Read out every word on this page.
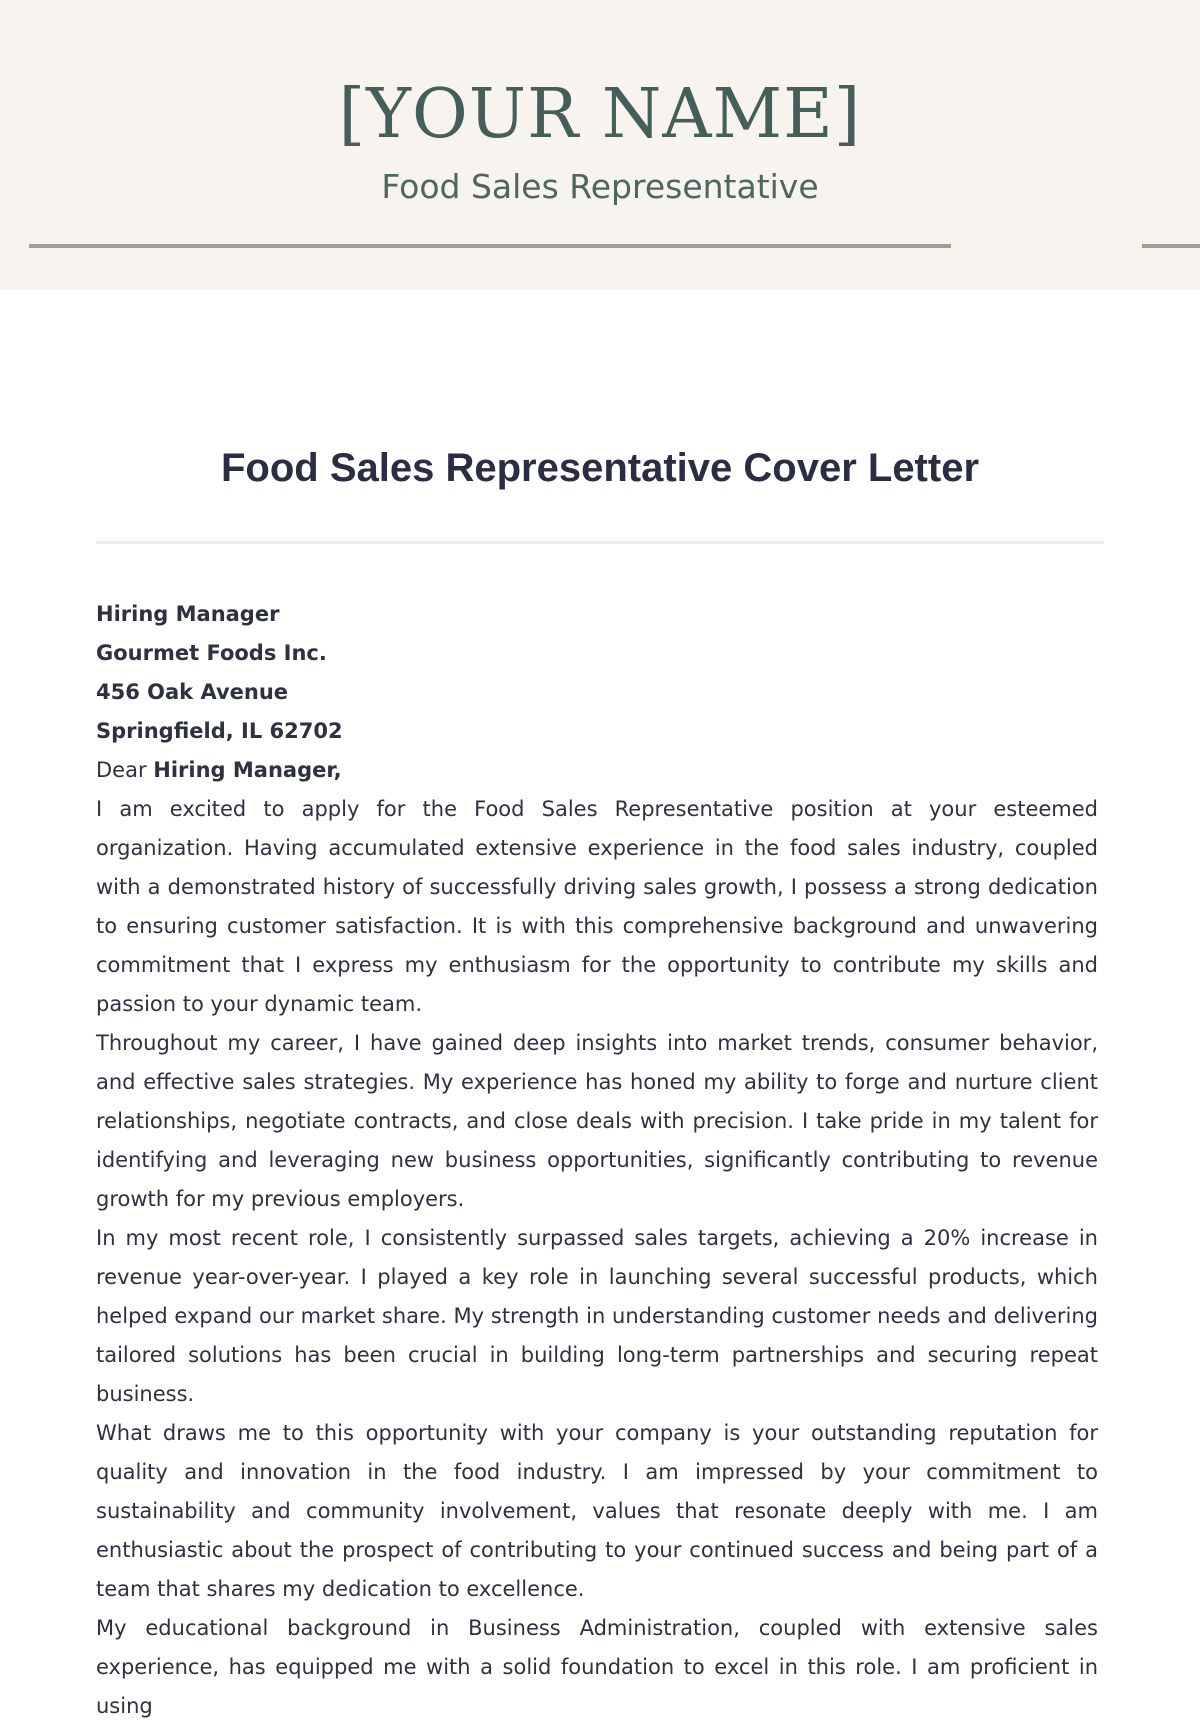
[YOUR NAME]
Food Sales Representative
Food Sales Representative Cover Letter
Hiring Manager
Gourmet Foods Inc.
456 Oak Avenue
Springfield, IL 62702
Dear Hiring Manager,

I am excited to apply for the Food Sales Representative position at your esteemed organization. Having accumulated extensive experience in the food sales industry, coupled with a demonstrated history of successfully driving sales growth, I possess a strong dedication to ensuring customer satisfaction. It is with this comprehensive background and unwavering commitment that I express my enthusiasm for the opportunity to contribute my skills and passion to your dynamic team.

Throughout my career, I have gained deep insights into market trends, consumer behavior, and effective sales strategies. My experience has honed my ability to forge and nurture client relationships, negotiate contracts, and close deals with precision. I take pride in my talent for identifying and leveraging new business opportunities, significantly contributing to revenue growth for my previous employers.

In my most recent role, I consistently surpassed sales targets, achieving a 20% increase in revenue year-over-year. I played a key role in launching several successful products, which helped expand our market share. My strength in understanding customer needs and delivering tailored solutions has been crucial in building long-term partnerships and securing repeat business.

What draws me to this opportunity with your company is your outstanding reputation for quality and innovation in the food industry. I am impressed by your commitment to sustainability and community involvement, values that resonate deeply with me. I am enthusiastic about the prospect of contributing to your continued success and being part of a team that shares my dedication to excellence.

My educational background in Business Administration, coupled with extensive sales experience, has equipped me with a solid foundation to excel in this role. I am proficient in using
